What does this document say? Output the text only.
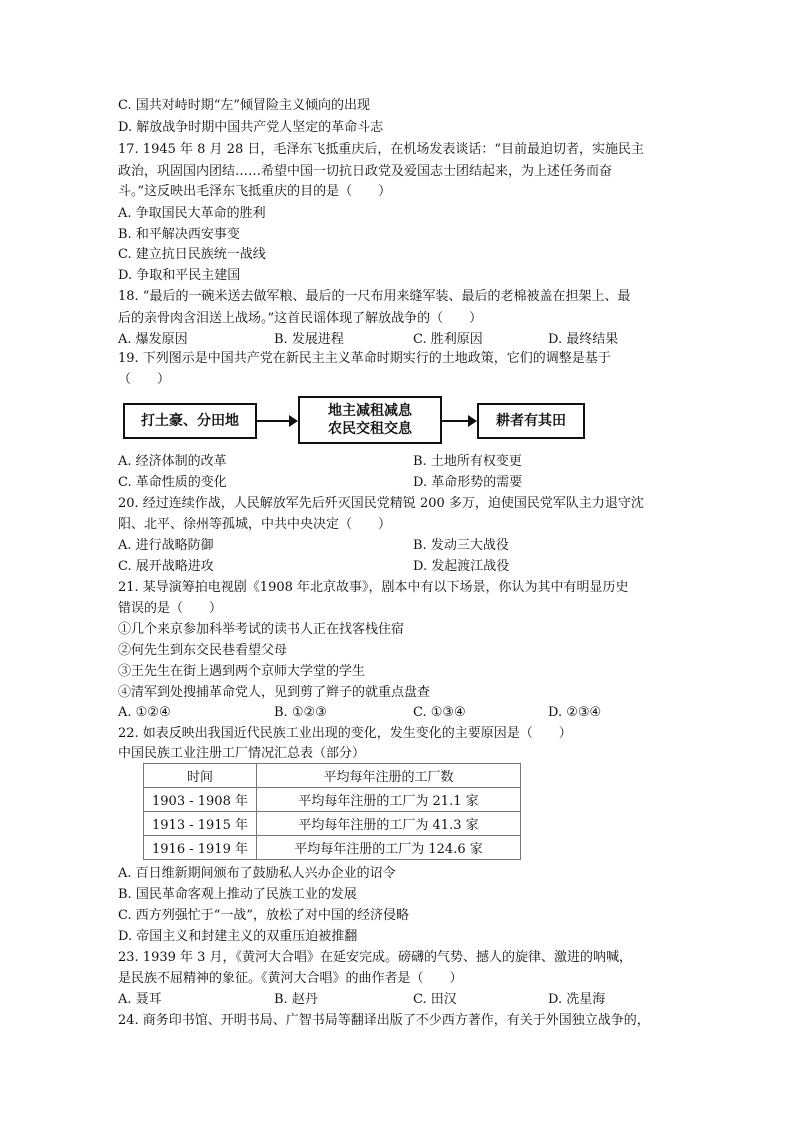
C. 国共对峙时期“左”倾冒险主义倾向的出现
D. 解放战争时期中国共产党人坚定的革命斗志
17. 1945 年 8 月 28 日，毛泽东飞抵重庆后，在机场发表谈话：“目前最迫切者，实施民主
政治，巩固国内团结……希望中国一切抗日政党及爱国志士团结起来，为上述任务而奋
斗。”这反映出毛泽东飞抵重庆的目的是（　　）
A. 争取国民大革命的胜利
B. 和平解决西安事变
C. 建立抗日民族统一战线
D. 争取和平民主建国
18. “最后的一碗米送去做军粮、最后的一尺布用来缝军装、最后的老棉被盖在担架上、最
后的亲骨肉含泪送上战场。”这首民谣体现了解放战争的（　　）
A. 爆发原因	B. 发展进程	C. 胜利原因	D. 最终结果
19. 下列图示是中国共产党在新民主主义革命时期实行的土地政策，它们的调整是基于
（　　）
打土豪、分田地
地主减租减息
农民交租交息	耕者有其田
A. 经济体制的改革	B. 土地所有权变更
C. 革命性质的变化	D. 革命形势的需要
20. 经过连续作战，人民解放军先后歼灭国民党精锐 200 多万，迫使国民党军队主力退守沈
阳、北平、徐州等孤城，中共中央决定（　　）
A. 进行战略防御	B. 发动三大战役
C. 展开战略进攻	D. 发起渡江战役
21. 某导演筹拍电视剧《1908 年北京故事》，剧本中有以下场景，你认为其中有明显历史
错误的是（　　）
①几个来京参加科举考试的读书人正在找客栈住宿
②何先生到东交民巷看望父母
③王先生在街上遇到两个京师大学堂的学生
④清军到处搜捕革命党人，见到剪了辫子的就重点盘查
A. ①②④	B. ①②③	C. ①③④	D. ②③④
22. 如表反映出我国近代民族工业出现的变化，发生变化的主要原因是（　　）
中国民族工业注册工厂情况汇总表（部分）
时间	平均每年注册的工厂数
1903 - 1908 年	平均每年注册的工厂为 21.1 家
1913 - 1915 年	平均每年注册的工厂为 41.3 家
1916 - 1919 年	平均每年注册的工厂为 124.6 家
A. 百日维新期间颁布了鼓励私人兴办企业的诏令
B. 国民革命客观上推动了民族工业的发展
C. 西方列强忙于“一战”，放松了对中国的经济侵略
D. 帝国主义和封建主义的双重压迫被推翻
23. 1939 年 3 月，《黄河大合唱》在延安完成。磅礴的气势、撼人的旋律、激进的呐喊，
是民族不屈精神的象征。《黄河大合唱》的曲作者是（　　）
A. 聂耳	B. 赵丹	C. 田汉	D. 冼星海
24. 商务印书馆、开明书局、广智书局等翻译出版了不少西方著作，有关于外国独立战争的，
